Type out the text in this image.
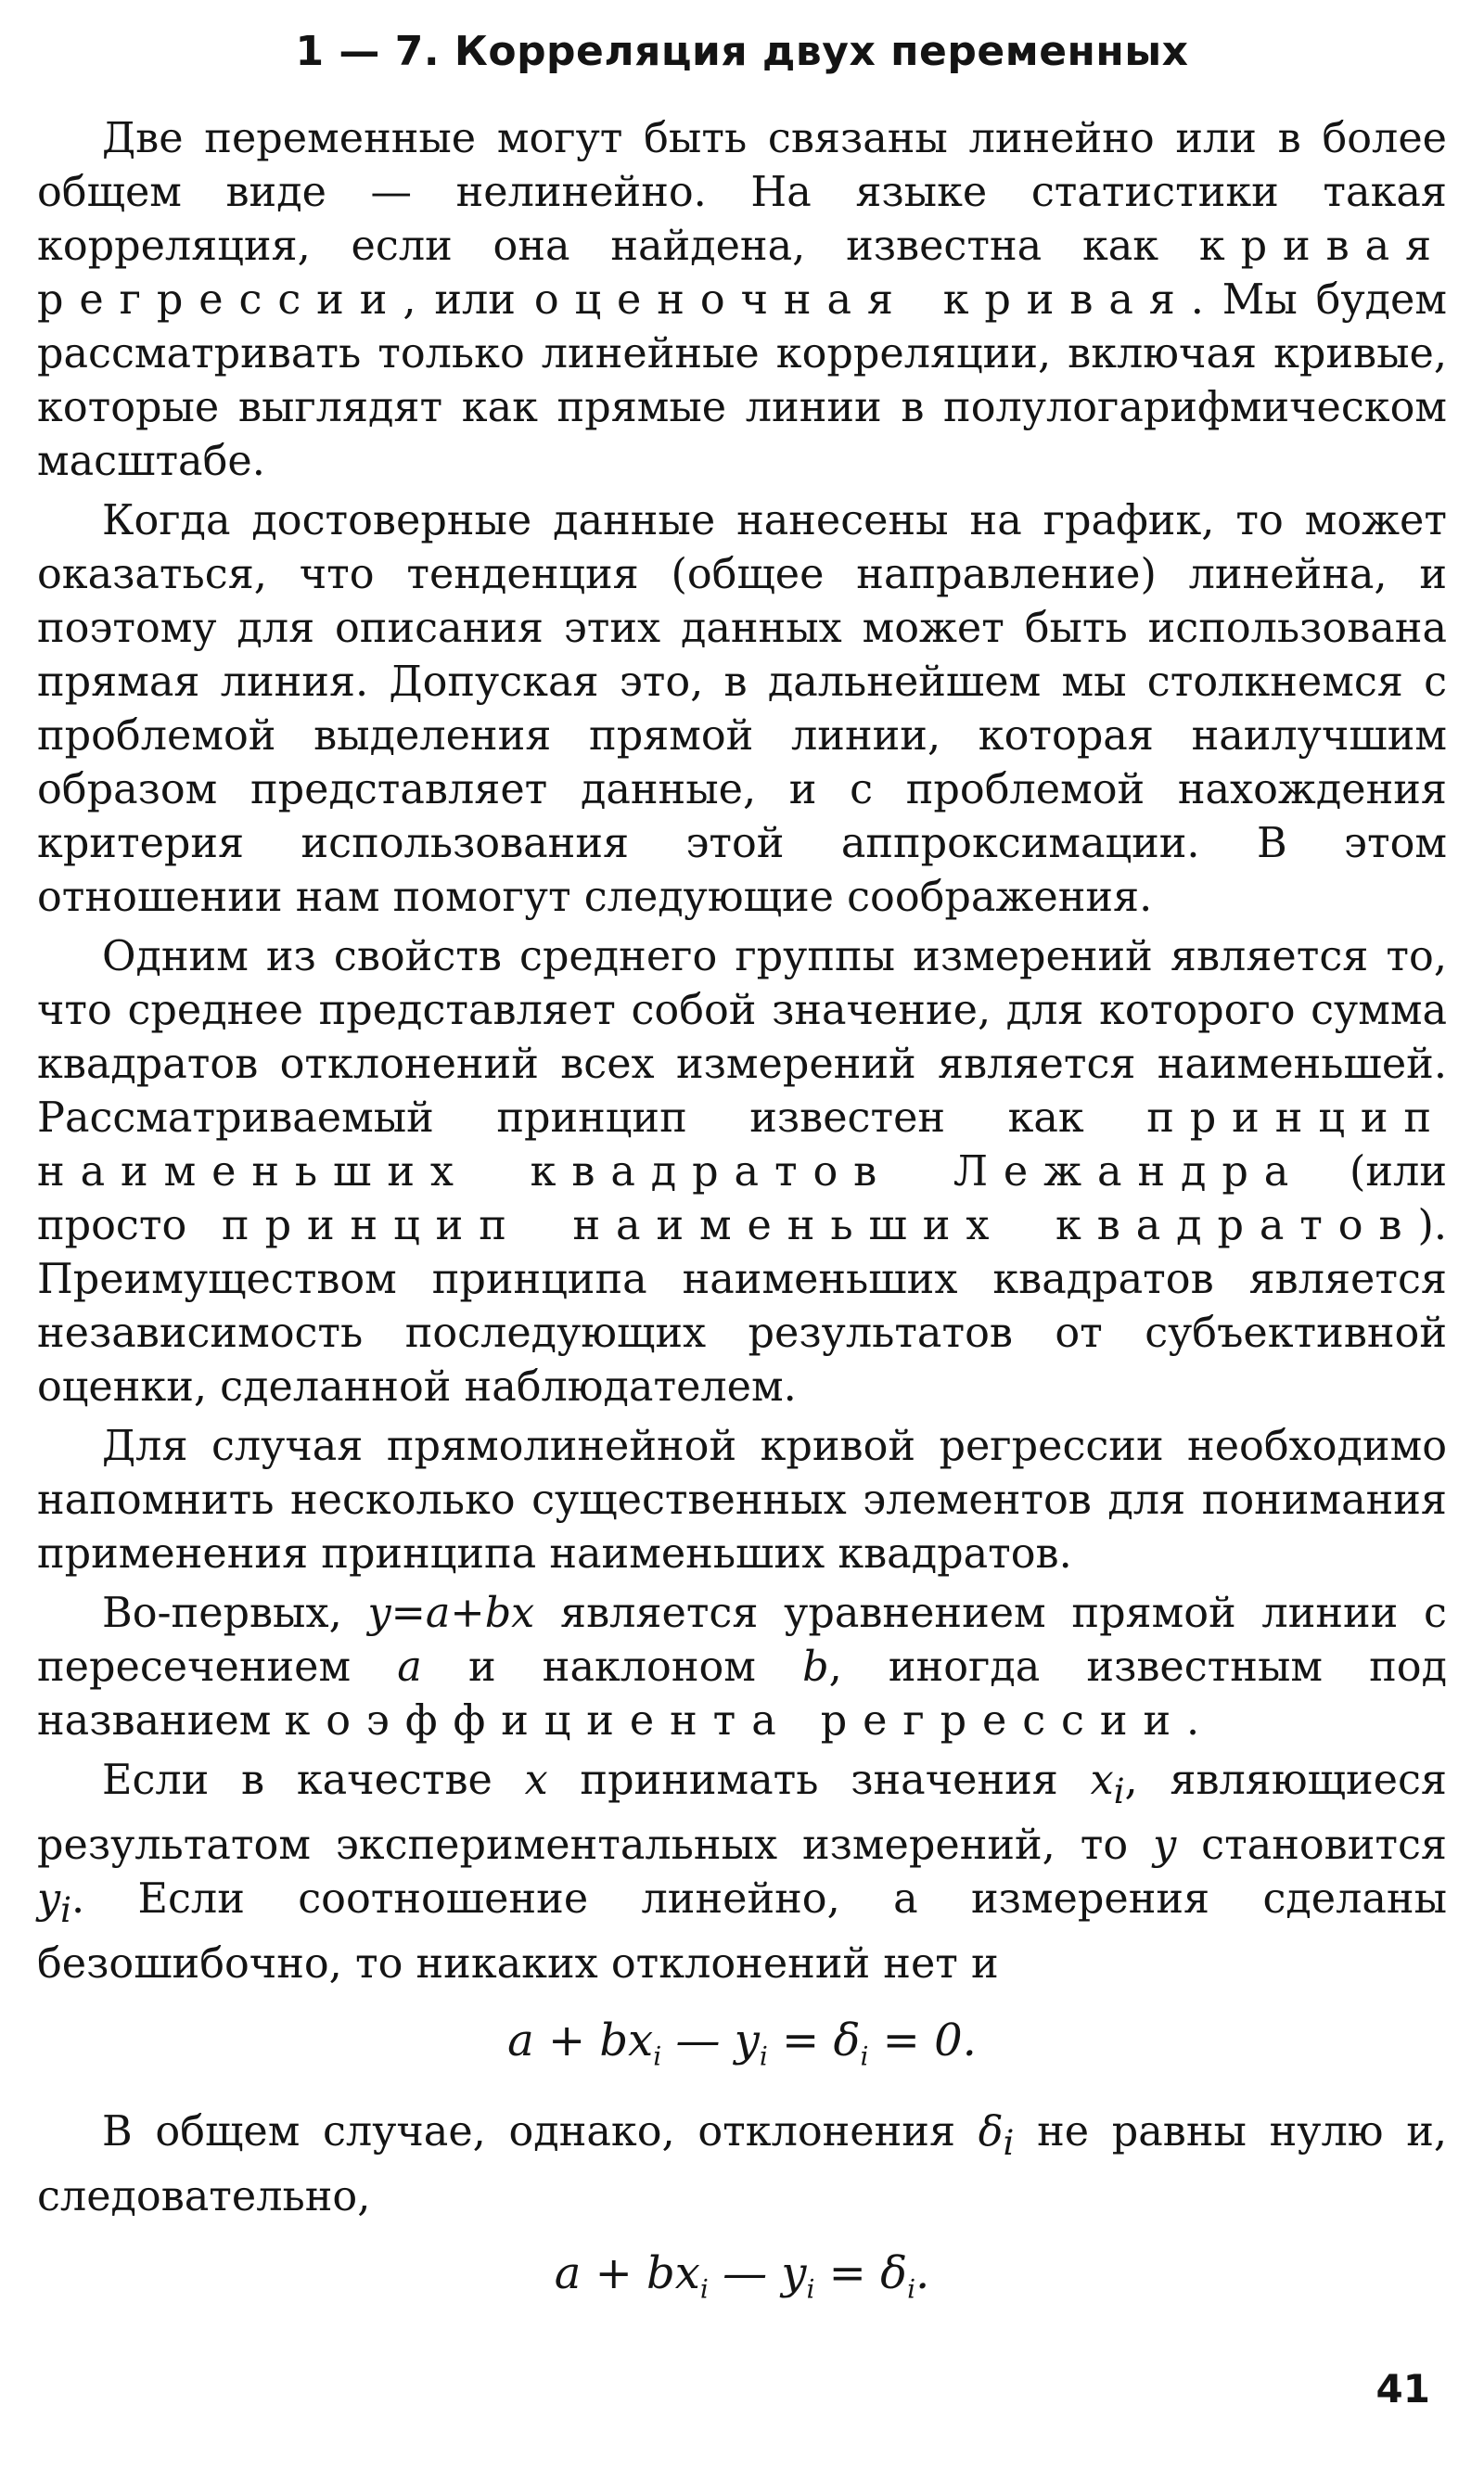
1 — 7. Корреляция двух переменных

Две переменные могут быть связаны линейно или в более общем виде — нелинейно. На языке статистики такая корреляция, если она найдена, известна как кривая регрессии, или оценочная кривая. Мы будем рассматривать только линейные корреляции, включая кривые, которые выглядят как прямые линии в полулогарифмическом масштабе.

Когда достоверные данные нанесены на график, то может оказаться, что тенденция (общее направление) линейна, и поэтому для описания этих данных может быть использована прямая линия. Допуская это, в дальнейшем мы столкнемся с проблемой выделения прямой линии, которая наилучшим образом представляет данные, и с проблемой нахождения критерия использования этой аппроксимации. В этом отношении нам помогут следующие соображения.

Одним из свойств среднего группы измерений является то, что среднее представляет собой значение, для которого сумма квадратов отклонений всех измерений является наименьшей. Рассматриваемый принцип известен как принцип наименьших квадратов Лежандра (или просто принцип наименьших квадратов). Преимуществом принципа наименьших квадратов является независимость последующих результатов от субъективной оценки, сделанной наблюдателем.

Для случая прямолинейной кривой регрессии необходимо напомнить несколько существенных элементов для понимания применения принципа наименьших квадратов.

Во-первых, y=a+bx является уравнением прямой линии с пересечением a и наклоном b, иногда известным под названием коэффициента регрессии.

Если в качестве x принимать значения $x_i$, являющиеся результатом экспериментальных измерений, то y становится $y_i$. Если соотношение линейно, а измерения сделаны безошибочно, то никаких отклонений нет и

$a + bx_i$ — $y_i = \delta_i = 0$.

В общем случае, однако, отклонения $\delta_i$ не равны нулю и, следовательно,

$a + bx_i$ — $y_i = \delta_i$.
41
